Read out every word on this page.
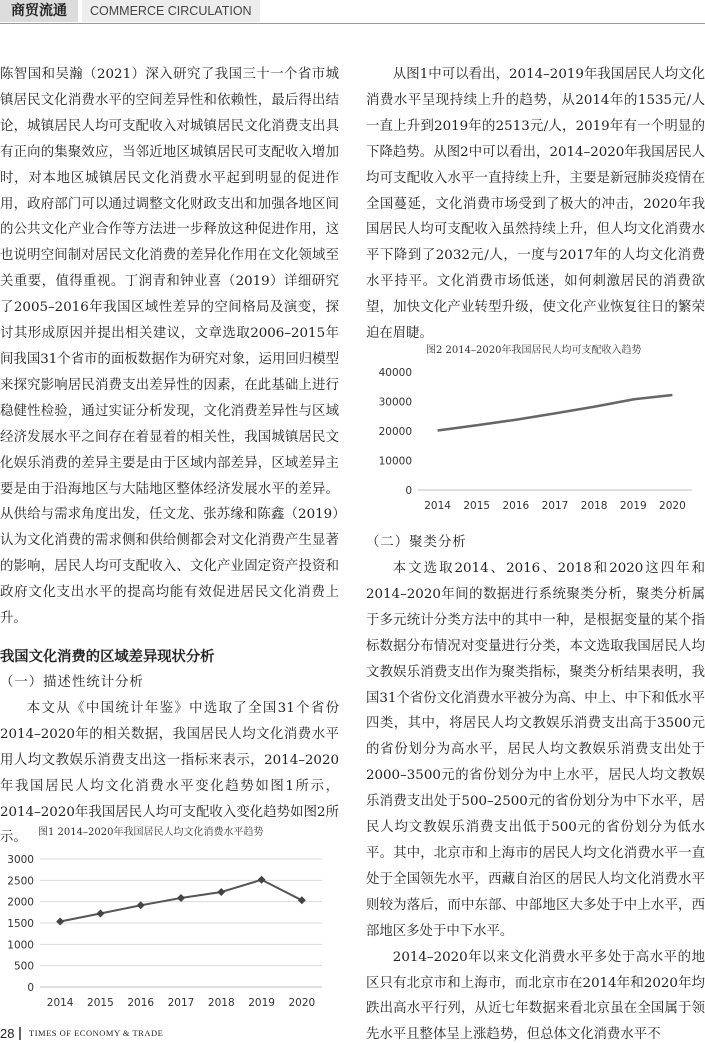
商贸流通	COMMERCE CIRCULATION

陈智国和吴瀚（2021）深入研究了我国三十一个省市城镇居民文化消费水平的空间差异性和依赖性，最后得出结论，城镇居民人均可支配收入对城镇居民文化消费支出具有正向的集聚效应，当邻近地区城镇居民可支配收入增加时，对本地区城镇居民文化消费水平起到明显的促进作用，政府部门可以通过调整文化财政支出和加强各地区间的公共文化产业合作等方法进一步释放这种促进作用，这也说明空间制对居民文化消费的差异化作用在文化领域至关重要，值得重视。丁润青和钟业喜（2019）详细研究了2005–2016年我国区域性差异的空间格局及演变，探讨其形成原因并提出相关建议，文章选取2006–2015年间我国31个省市的面板数据作为研究对象，运用回归模型来探究影响居民消费支出差异性的因素，在此基础上进行稳健性检验，通过实证分析发现，文化消费差异性与区域经济发展水平之间存在着显着的相关性，我国城镇居民文化娱乐消费的差异主要是由于区域内部差异，区域差异主要是由于沿海地区与大陆地区整体经济发展水平的差异。从供给与需求角度出发，任文龙、张苏缘和陈鑫（2019）认为文化消费的需求侧和供给侧都会对文化消费产生显著的影响，居民人均可支配收入、文化产业固定资产投资和政府文化支出水平的提高均能有效促进居民文化消费上升。

我国文化消费的区域差异现状分析

（一）描述性统计分析

本文从《中国统计年鉴》中选取了全国31个省份2014–2020年的相关数据，我国居民人均文化消费水平用人均文教娱乐消费支出这一指标来表示，2014–2020年我国居民人均文化消费水平变化趋势如图1所示，2014–2020年我国居民人均可支配收入变化趋势如图2所示。	图1 2014–2020年我国居民人均文化消费水平趋势
0
500
1000
1500
2000
2500
3000
2014 2015 2016 2017 2018 2019 2020

从图1中可以看出，2014–2019年我国居民人均文化消费水平呈现持续上升的趋势，从2014年的1535元/人一直上升到2019年的2513元/人，2019年有一个明显的下降趋势。从图2中可以看出，2014–2020年我国居民人均可支配收入水平一直持续上升，主要是新冠肺炎疫情在全国蔓延，文化消费市场受到了极大的冲击，2020年我国居民人均可支配收入虽然持续上升，但人均文化消费水平下降到了2032元/人，一度与2017年的人均文化消费水平持平。文化消费市场低迷，如何刺激居民的消费欲望，加快文化产业转型升级，使文化产业恢复往日的繁荣迫在眉睫。

图2 2014–2020年我国居民人均可支配收入趋势
0
10000
20000
30000
40000
2014 2015 2016 2017 2018 2019 2020

（二）聚类分析

本文选取2014、2016、2018和2020这四年和2014–2020年间的数据进行系统聚类分析，聚类分析属于多元统计分类方法中的其中一种，是根据变量的某个指标数据分布情况对变量进行分类，本文选取我国居民人均文教娱乐消费支出作为聚类指标，聚类分析结果表明，我国31个省份文化消费水平被分为高、中上、中下和低水平四类，其中，将居民人均文教娱乐消费支出高于3500元的省份划分为高水平，居民人均文教娱乐消费支出处于2000–3500元的省份划分为中上水平，居民人均文教娱乐消费支出处于500–2500元的省份划分为中下水平，居民人均文教娱乐消费支出低于500元的省份划分为低水平。其中，北京市和上海市的居民人均文化消费水平一直处于全国领先水平，西藏自治区的居民人均文化消费水平则较为落后，而中东部、中部地区大多处于中上水平，西部地区多处于中下水平。

2014–2020年以来文化消费水平多处于高水平的地区只有北京市和上海市，而北京市在2014年和2020年均跌出高水平行列，从近七年数据来看北京虽在全国属于领先水平且整体呈上涨趋势，但总体文化消费水平不

28 TIMES OF ECONOMY & TRADE
